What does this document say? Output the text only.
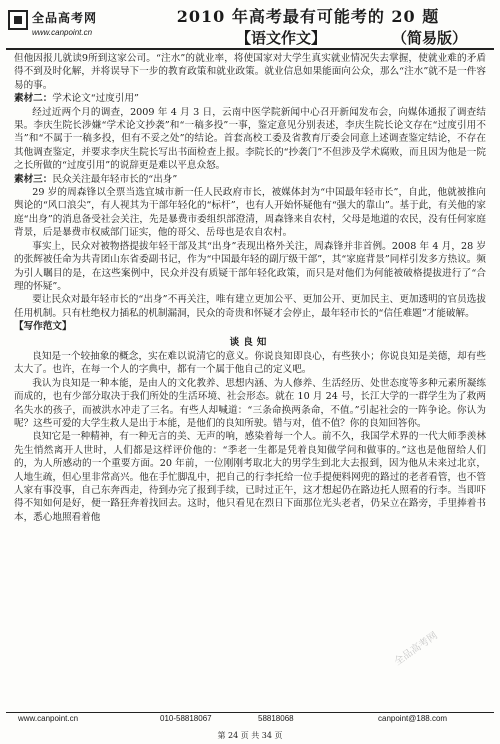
全品高考网
www.canpoint.cn
2010 年高考最有可能考的 20 题
【语文作文】	（简易版）

但他因报儿就读9所到这家公司。“注水”的就业率，将使国家对大学生真实就业情况失去掌握，使就业难的矛盾得不到及时化解，并将误导下一步的教育政策和就业政策。就业信息如果能面向公众，那么“注水”就不是一件容易的事。

素材二：学术论文“过度引用”

经过近两个月的调查，2009 年 4 月 3 日，云南中医学院新闻中心召开新闻发布会，向媒体通报了调查结果。李庆生院长涉嫌“学术论文抄袭”和“一稿多投”一事，鉴定意见分别表述，李庆生院长论文存在“过度引用不当”和“不属于一稿多投，但有不妥之处”的结论。首套高校工委及省教育厅委会同意上述调查鉴定结论，不存在其他调查鉴定，并要求李庆生院长写出书面检查上报。李院长的“抄袭门”不但涉及学术腐败，而且因为他是一院之长所做的“过度引用”的说辞更是难以平息众怒。

素材三：民众关注最年轻市长的“出身”

29 岁的周森锋以全票当选宜城市新一任人民政府市长，被媒体封为“中国最年轻市长”，自此，他就被推向舆论的“风口浪尖”，有人视其为干部年轻化的“标杆”，也有人开始怀疑他有“强大的靠山”。基于此，有关他的家庭“出身”的消息备受社会关注，先是暴费市委组织部澄清，周森锋来自农村，父母是地道的农民，没有任何家庭背景，后是暴费市权威部门证实，他的哥父、岳母也是农自农村。

事实上，民众对被物搭提拔年轻干部及其“出身”表现出格外关注，周森锋并非首例。2008 年 4 月，28 岁的张辉被任命为共青团山东省委副书记，作为“中国最年轻的副厅级干部”，其“家庭背景”同样引发多方热议。频为引人瞩目的是，在这些案例中，民众并没有质疑干部年轻化政策，而只是对他们为何能被破格提拔进行了“合理的怀疑”。

要让民众对最年轻市长的“出身”不再关注，唯有建立更加公平、更加公开、更加民主、更加透明的官员选拔任用机制。只有杜绝权力插私的机制漏洞，民众的奇贵和怀疑才会停止，最年轻市长的“信任难题”才能破解。

【写作范文】

谈良知

良知是一个较抽象的概念，实在难以说清它的意义。你说良知即良心，有些狭小；你说良知是美德，却有些太大了。也许，在每一个人的字典中，都有一个属于他自己的定义吧。

我认为良知是一种本能，是由人的文化教养、思想内涵、为人修养、生活经历、处世态度等多种元素所凝练而成的，也有少部分取决于我们所处的生活环境、社会形态。就在 10 月 24 号，长江大学的一群学生为了救两名失水的孩子，而被洪水冲走了三名。有些人却喊道：“三条命换两条命，不值。”引起社会的一阵争论。你认为呢？这些可爱的大学生救人是出于本能，是他们的良知所驶。错与对，值不值？你的良知回答你。

良知它是一种精神，有一种无言的美、无声的响，感染着每一个人。前不久，我国学术界的一代大师季羡林先生悄然离开人世时，人们都是这样评价他的：“季老一生都是凭着良知做学问和做事的。”这也是他留给人们的，为人所感动的一个重要方面。20 年前，一位刚刚考取北大的男学生到北大去报到，因为他从未来过北京，人地生疏，但心里非常高兴。他在手忙脚乱中，把自己的行李托给一位手提便料网兜的路过的老者看管，也不管人家有事没事，自己东奔西走，待到办完了报到手续，已时过正午，这才想起仍在路边托人照看的行李。当即吓得不知如何是好，便一路狂奔着找回去。这时，他只看见在烈日下面那位光头老者，仍呆立在路旁，手里捧着书本，悉心地照看着他

全品高考网
www.canpoint.cn	010-58818067	58818068	canpoint@188.com
第 24 页 共 34 页
